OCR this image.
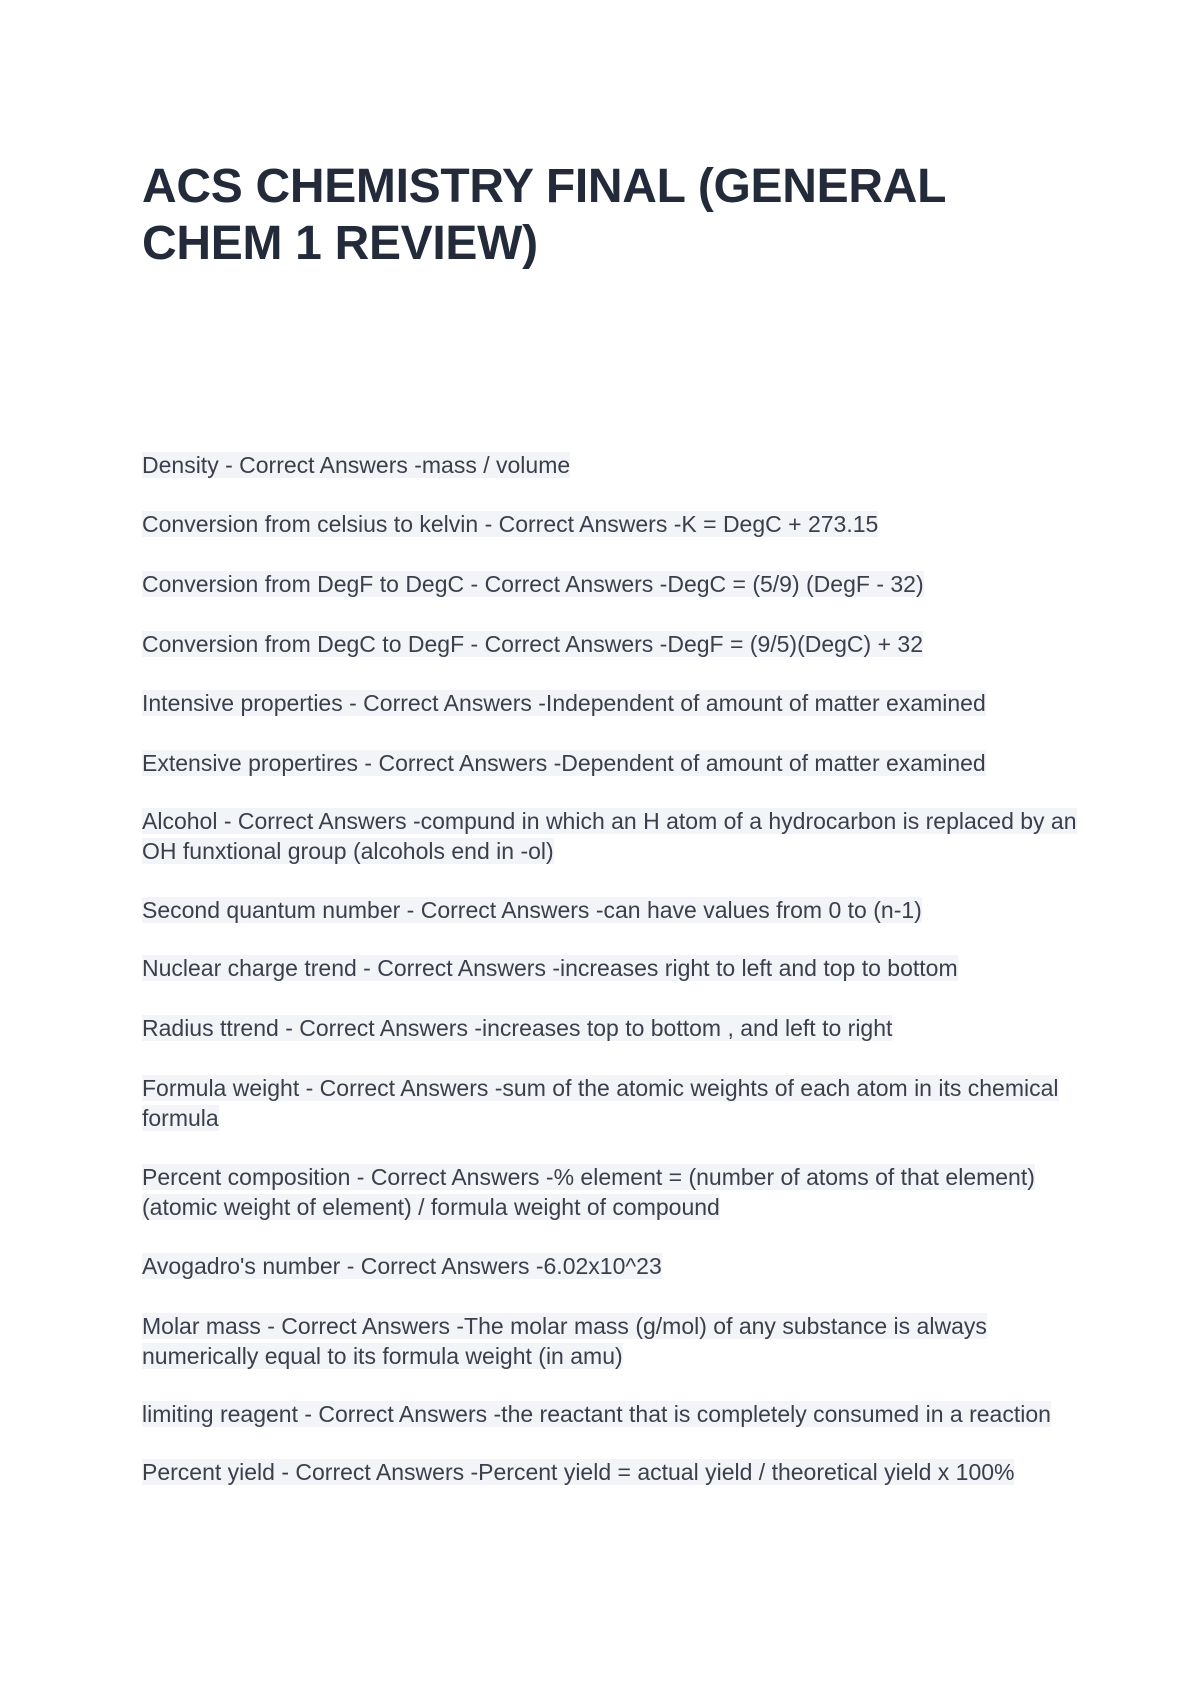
ACS CHEMISTRY FINAL (GENERAL CHEM 1 REVIEW)
Density - Correct Answers -mass / volume
Conversion from celsius to kelvin - Correct Answers -K = DegC + 273.15
Conversion from DegF to DegC - Correct Answers -DegC = (5/9) (DegF - 32)
Conversion from DegC to DegF - Correct Answers -DegF = (9/5)(DegC) + 32
Intensive properties - Correct Answers -Independent of amount of matter examined
Extensive propertires - Correct Answers -Dependent of amount of matter examined
Alcohol - Correct Answers -compund in which an H atom of a hydrocarbon is replaced by an OH funxtional group (alcohols end in -ol)
Second quantum number - Correct Answers -can have values from 0 to (n-1)
Nuclear charge trend - Correct Answers -increases right to left and top to bottom
Radius ttrend - Correct Answers -increases top to bottom , and left to right
Formula weight - Correct Answers -sum of the atomic weights of each atom in its chemical formula
Percent composition - Correct Answers -% element = (number of atoms of that element)(atomic weight of element) / formula weight of compound
Avogadro's number - Correct Answers -6.02x10^23
Molar mass - Correct Answers -The molar mass (g/mol) of any substance is always numerically equal to its formula weight (in amu)
limiting reagent - Correct Answers -the reactant that is completely consumed in a reaction
Percent yield - Correct Answers -Percent yield = actual yield / theoretical yield x 100%
